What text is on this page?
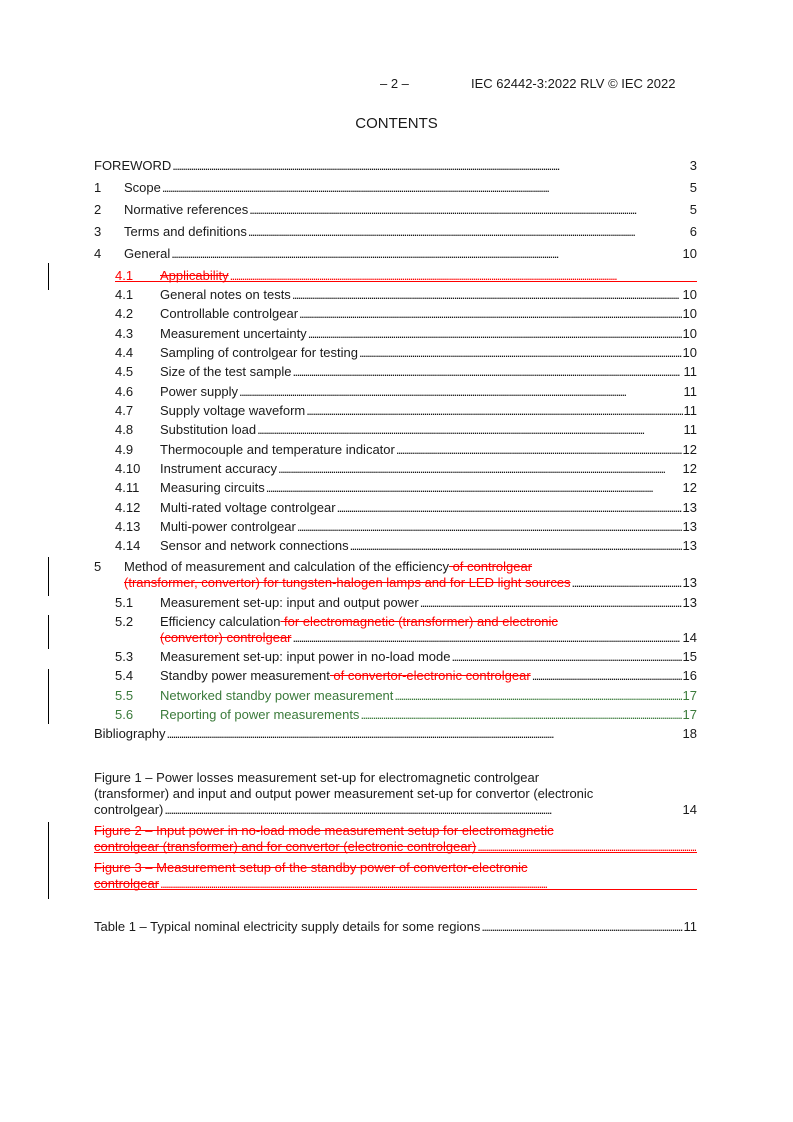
– 2 –	IEC 62442-3:2022 RLV © IEC 2022
CONTENTS
FOREWORD . . .	3
1 Scope . . .	5
2 Normative references . . .	5
3 Terms and definitions . . .	6
4 General . . .	10
4.1 Applicability
. . .
4.1 General notes on tests . . .	10
4.2 Controllable controlgear . . .	10
4.3 Measurement uncertainty . . .	10
4.4 Sampling of controlgear for testing . . .	10
4.5 Size of the test sample . . .	11
4.6 Power supply . . .	11
4.7 Supply voltage waveform . . .	11
4.8 Substitution load . . .	11
4.9 Thermocouple and temperature indicator . . .	12
4.10 Instrument accuracy . . .	12
4.11 Measuring circuits . . .	12
4.12 Multi-rated voltage controlgear . . .	13
4.13 Multi-power controlgear . . .	13
4.14 Sensor and network connections . . .	13
5 Method of measurement and calculation of the efficiency of controlgear
(transformer, convertor) for tungsten-halogen lamps and for LED light sources . . .	13
5.1 Measurement set-up: input and output power . . .	13
5.2 Efficiency calculation for electromagnetic (transformer) and electronic
(convertor) controlgear . . .	14
5.3 Measurement set-up: input power in no-load mode . . .	15
5.4 Standby power measurement of convertor-electronic controlgear . . .	16
5.5 Networked standby power measurement . . .	17
5.6 Reporting of power measurements . . .	17
Bibliography . . .	18
Figure 1 – Power losses measurement set-up for electromagnetic controlgear
(transformer) and input and output power measurement set-up for convertor (electronic
controlgear) . . .	14
Figure 2 – Input power in no-load mode measurement setup for electromagnetic
controlgear (transformer) and for convertor (electronic controlgear)
. . .
Figure 3 – Measurement setup of the standby power of convertor-electronic
controlgear
. . .
Table 1 – Typical nominal electricity supply details for some regions . . .	11
